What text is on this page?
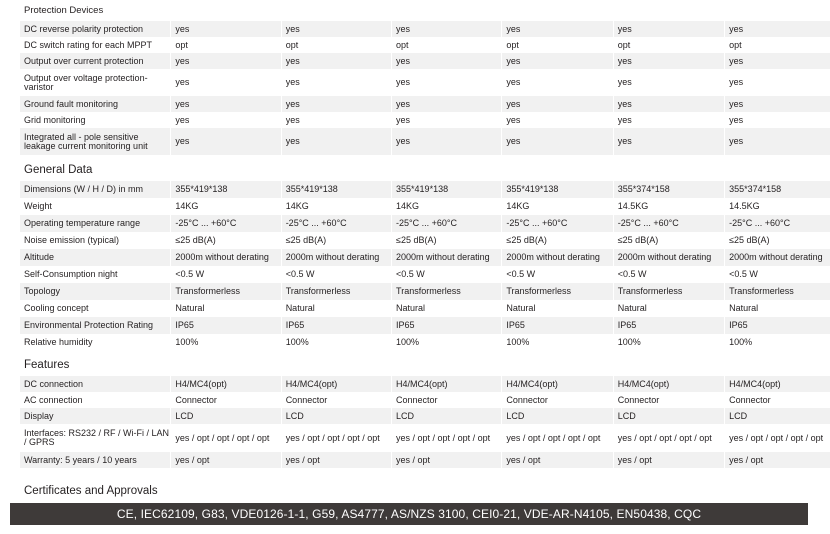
Protection Devices
DC reverse polarity protection	yes	yes	yes	yes	yes	yes
DC switch rating for each MPPT	opt	opt	opt	opt	opt	opt
Output over current protection	yes	yes	yes	yes	yes	yes
Output over voltage protection-varistor	yes	yes	yes	yes	yes	yes
Ground fault monitoring	yes	yes	yes	yes	yes	yes
Grid monitoring	yes	yes	yes	yes	yes	yes
Integrated all - pole sensitive leakage current monitoring unit	yes	yes	yes	yes	yes	yes
General Data
Dimensions (W / H / D) in mm	355*419*138	355*419*138	355*419*138	355*419*138	355*374*158	355*374*158
Weight	14KG	14KG	14KG	14KG	14.5KG	14.5KG
Operating temperature range	-25°C ... +60°C	-25°C ... +60°C	-25°C ... +60°C	-25°C ... +60°C	-25°C ... +60°C	-25°C ... +60°C
Noise emission (typical)	≤25 dB(A)	≤25 dB(A)	≤25 dB(A)	≤25 dB(A)	≤25 dB(A)	≤25 dB(A)
Altitude	2000m without derating	2000m without derating	2000m without derating	2000m without derating	2000m without derating	2000m without derating
Self-Consumption night	<0.5 W	<0.5 W	<0.5 W	<0.5 W	<0.5 W	<0.5 W
Topology	Transformerless	Transformerless	Transformerless	Transformerless	Transformerless	Transformerless
Cooling concept	Natural	Natural	Natural	Natural	Natural	Natural
Environmental Protection Rating	IP65	IP65	IP65	IP65	IP65	IP65
Relative humidity	100%	100%	100%	100%	100%	100%
Features
DC connection	H4/MC4(opt)	H4/MC4(opt)	H4/MC4(opt)	H4/MC4(opt)	H4/MC4(opt)	H4/MC4(opt)
AC connection	Connector	Connector	Connector	Connector	Connector	Connector
Display	LCD	LCD	LCD	LCD	LCD	LCD
Interfaces: RS232 / RF / Wi-Fi / LAN / GPRS	yes / opt / opt / opt / opt	yes / opt / opt / opt / opt	yes / opt / opt / opt / opt	yes / opt / opt / opt / opt	yes / opt / opt / opt / opt	yes / opt / opt / opt / opt
Warranty: 5 years / 10 years	yes / opt	yes / opt	yes / opt	yes / opt	yes / opt	yes / opt
Certificates and Approvals
CE, IEC62109, G83, VDE0126-1-1, G59, AS4777, AS/NZS 3100, CEI0-21, VDE-AR-N4105, EN50438, CQC
